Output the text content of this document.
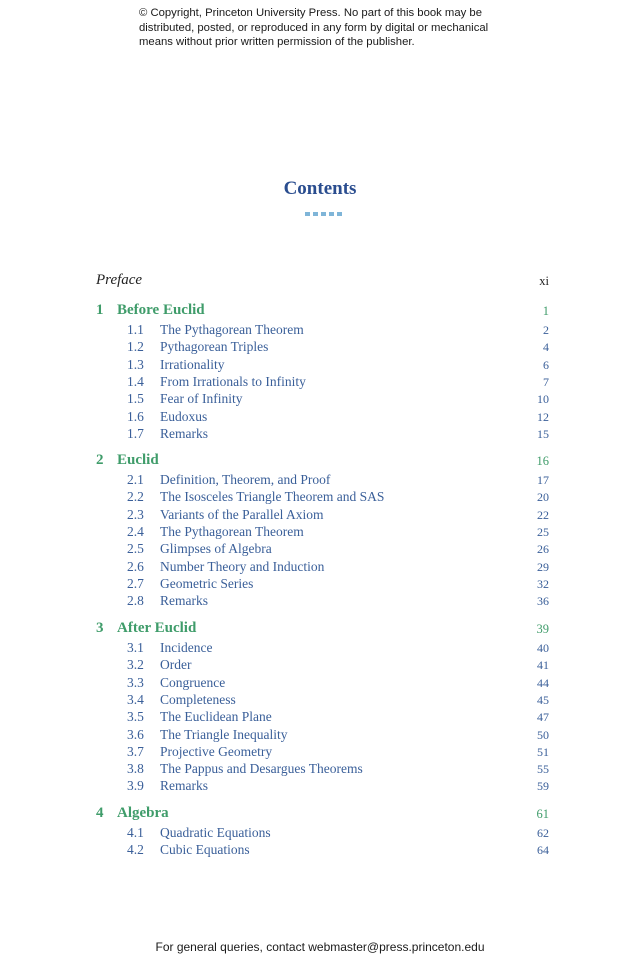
© Copyright, Princeton University Press. No part of this book may be distributed, posted, or reproduced in any form by digital or mechanical means without prior written permission of the publisher.
Contents
Preface	xi
1 Before Euclid	1
1.1 The Pythagorean Theorem	2
1.2 Pythagorean Triples	4
1.3 Irrationality	6
1.4 From Irrationals to Infinity	7
1.5 Fear of Infinity	10
1.6 Eudoxus	12
1.7 Remarks	15
2 Euclid	16
2.1 Definition, Theorem, and Proof	17
2.2 The Isosceles Triangle Theorem and SAS	20
2.3 Variants of the Parallel Axiom	22
2.4 The Pythagorean Theorem	25
2.5 Glimpses of Algebra	26
2.6 Number Theory and Induction	29
2.7 Geometric Series	32
2.8 Remarks	36
3 After Euclid	39
3.1 Incidence	40
3.2 Order	41
3.3 Congruence	44
3.4 Completeness	45
3.5 The Euclidean Plane	47
3.6 The Triangle Inequality	50
3.7 Projective Geometry	51
3.8 The Pappus and Desargues Theorems	55
3.9 Remarks	59
4 Algebra	61
4.1 Quadratic Equations	62
4.2 Cubic Equations	64
For general queries, contact webmaster@press.princeton.edu
